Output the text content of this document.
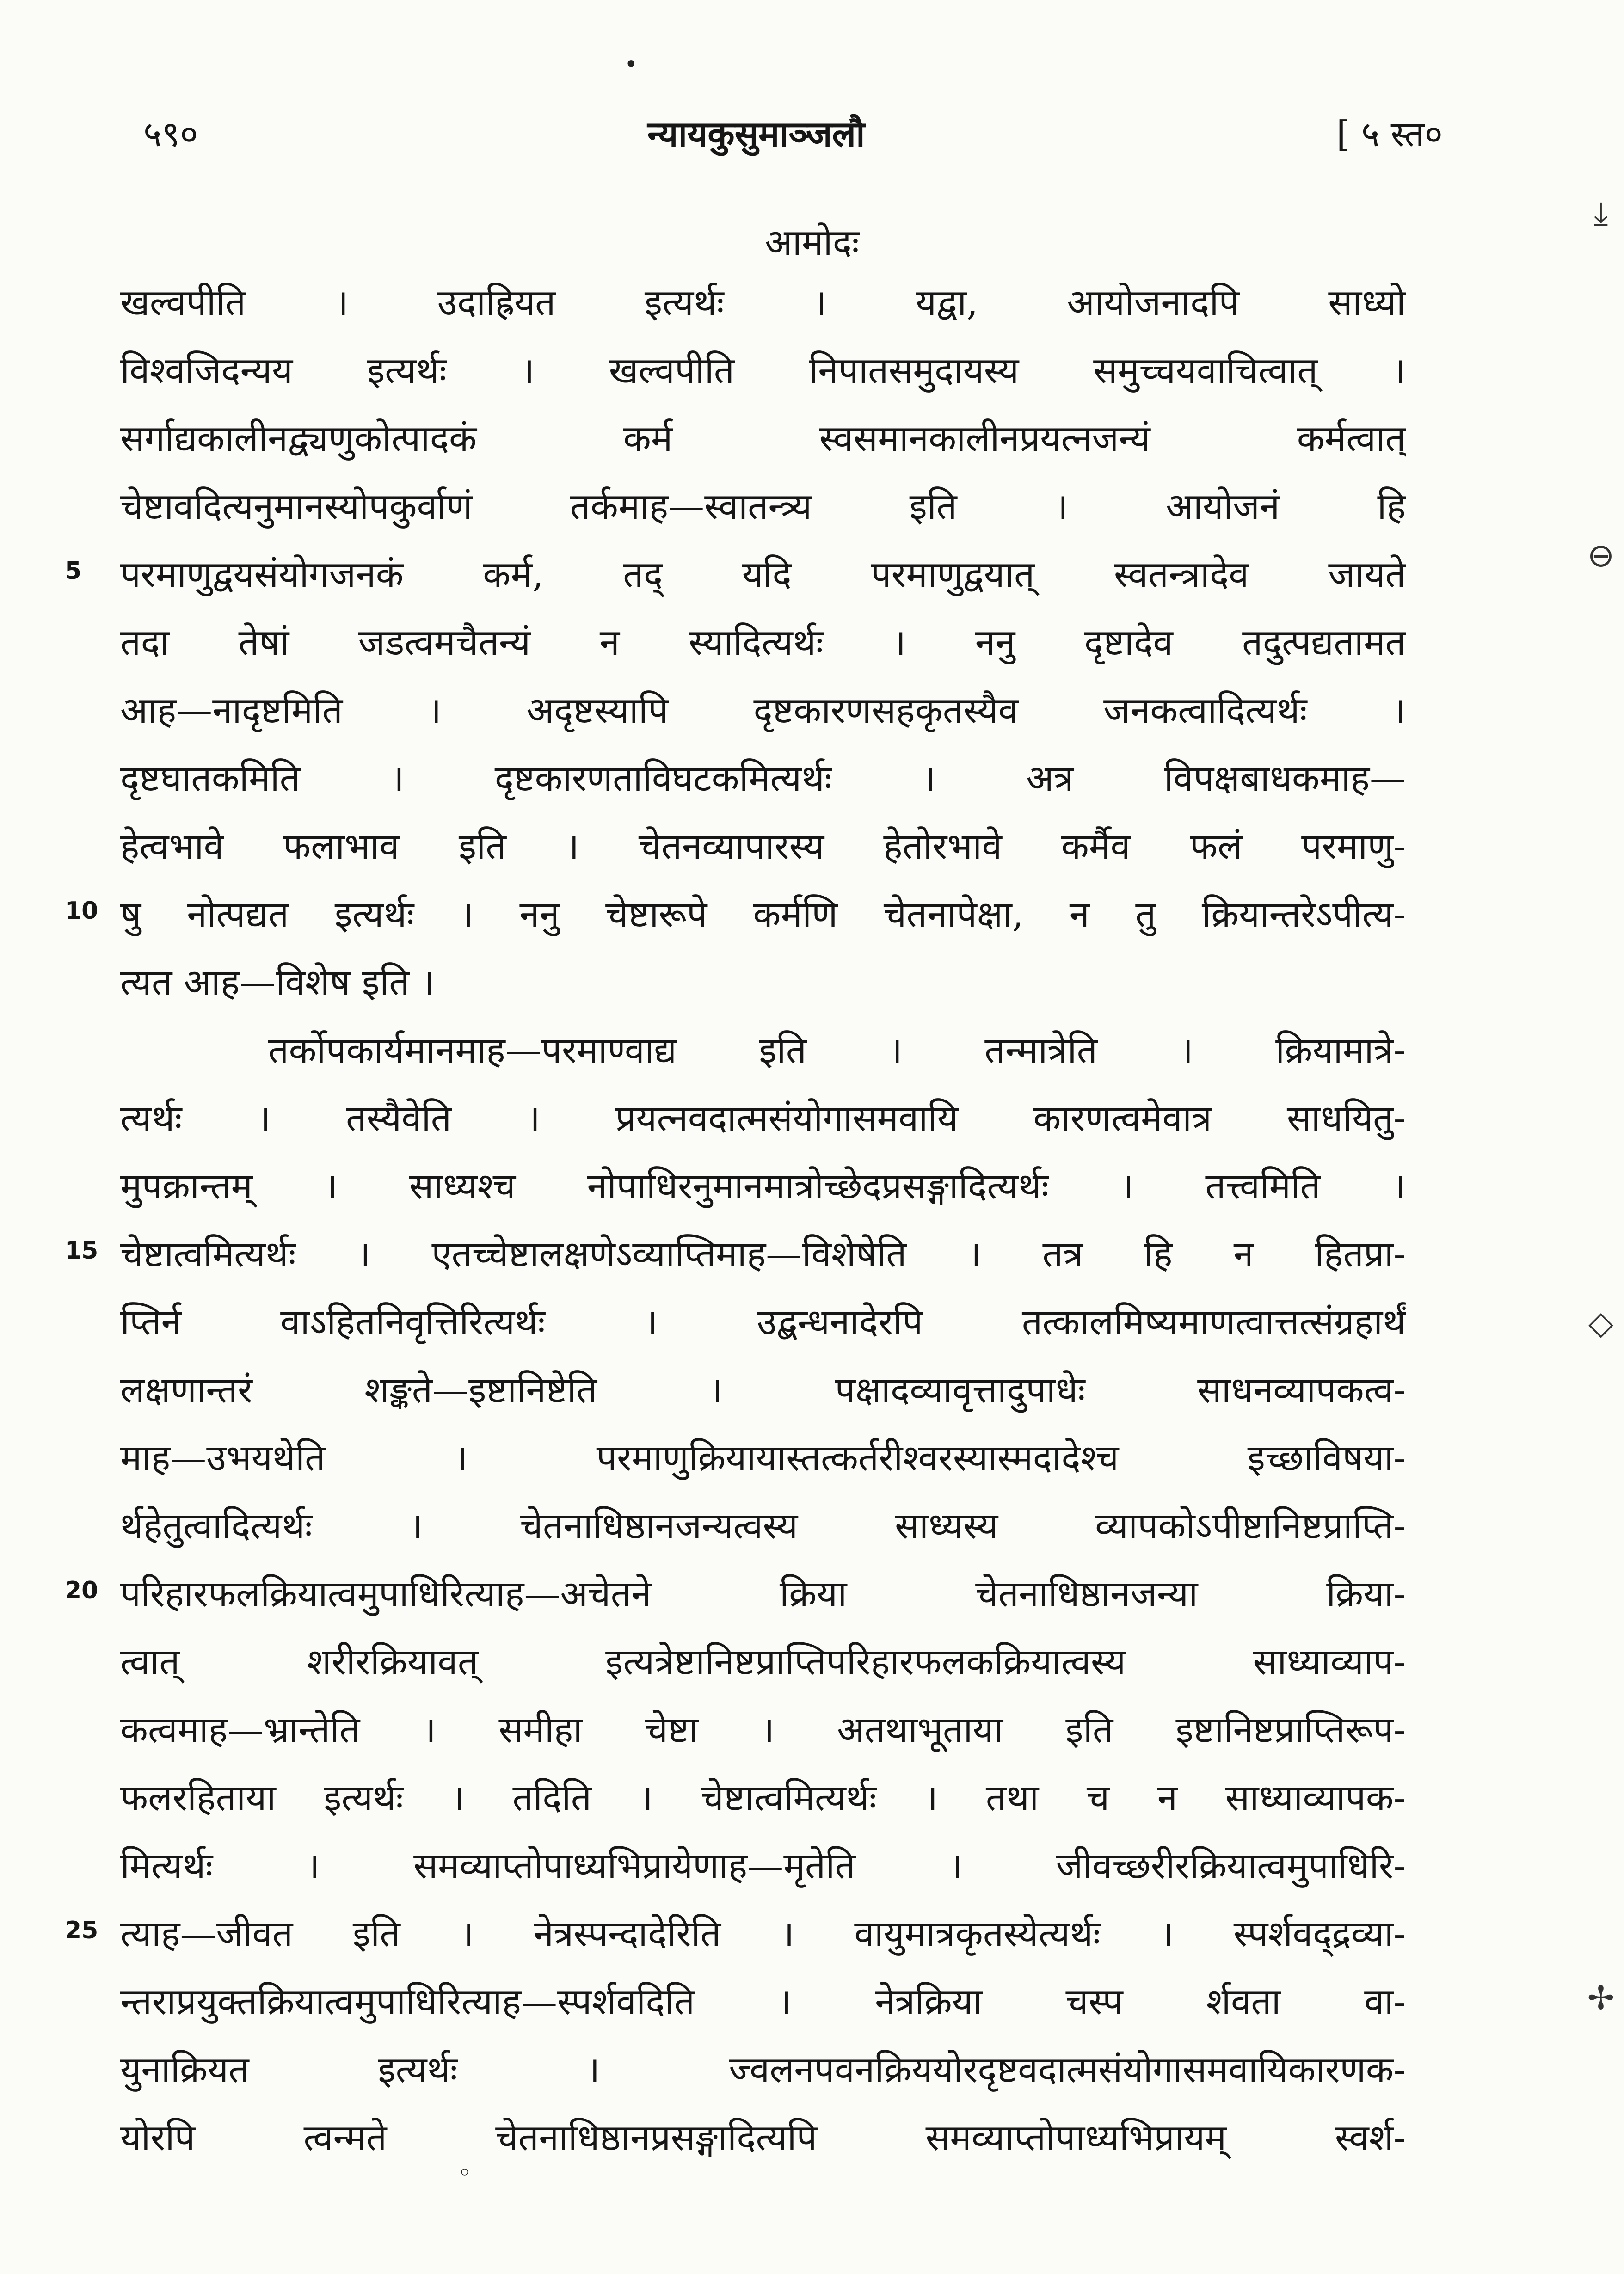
•
५९०	न्यायकुसुमाञ्जलौ	[ ५ स्त०
आमोदः
खल्वपीति । उदाह्रियत इत्यर्थः । यद्वा, आयोजनादपि साध्यो
विश्वजिदन्यय इत्यर्थः । खल्वपीति निपातसमुदायस्य समुच्चयवाचित्वात् ।
सर्गाद्यकालीनद्व्यणुकोत्पादकं कर्म स्वसमानकालीनप्रयत्नजन्यं कर्मत्वात्
चेष्टावदित्यनुमानस्योपकुर्वाणं तर्कमाह—स्वातन्त्र्य इति । आयोजनं हि
परमाणुद्वयसंयोगजनकं कर्म, तद् यदि परमाणुद्वयात् स्वतन्त्रादेव जायते
तदा तेषां जडत्वमचैतन्यं न स्यादित्यर्थः । ननु दृष्टादेव तदुत्पद्यतामत
आह—नादृष्टमिति । अदृष्टस्यापि दृष्टकारणसहकृतस्यैव जनकत्वादित्यर्थः ।
दृष्टघातकमिति । दृष्टकारणताविघटकमित्यर्थः । अत्र विपक्षबाधकमाह—
हेत्वभावे फलाभाव इति । चेतनव्यापारस्य हेतोरभावे कर्मैव फलं परमाणु-
षु नोत्पद्यत इत्यर्थः । ननु चेष्टारूपे कर्मणि चेतनापेक्षा, न तु क्रियान्तरेऽपीत्य-
त्यत आह—विशेष इति ।
तर्कोपकार्यमानमाह—परमाण्वाद्य इति । तन्मात्रेति । क्रियामात्रे-
त्यर्थः । तस्यैवेति । प्रयत्नवदात्मसंयोगासमवायि कारणत्वमेवात्र साधयितु-
मुपक्रान्तम् । साध्यश्च नोपाधिरनुमानमात्रोच्छेदप्रसङ्गादित्यर्थः । तत्त्वमिति ।
चेष्टात्वमित्यर्थः । एतच्चेष्टालक्षणेऽव्याप्तिमाह—विशेषेति । तत्र हि न हितप्रा-
प्तिर्न वाऽहितनिवृत्तिरित्यर्थः । उद्बन्धनादेरपि तत्कालमिष्यमाणत्वात्तत्संग्रहार्थं
लक्षणान्तरं शङ्कते—इष्टानिष्टेति । पक्षादव्यावृत्तादुपाधेः साधनव्यापकत्व-
माह—उभयथेति । परमाणुक्रियायास्तत्कर्तरीश्वरस्यास्मदादेश्च इच्छाविषया-
र्थहेतुत्वादित्यर्थः । चेतनाधिष्ठानजन्यत्वस्य साध्यस्य व्यापकोऽपीष्टानिष्टप्राप्ति-
परिहारफलक्रियात्वमुपाधिरित्याह—अचेतने क्रिया चेतनाधिष्ठानजन्या क्रिया-
त्वात् शरीरक्रियावत् इत्यत्रेष्टानिष्टप्राप्तिपरिहारफलकक्रियात्वस्य साध्याव्याप-
कत्वमाह—भ्रान्तेति । समीहा चेष्टा । अतथाभूताया इति इष्टानिष्टप्राप्तिरूप-
फलरहिताया इत्यर्थः । तदिति । चेष्टात्वमित्यर्थः । तथा च न साध्याव्यापक-
मित्यर्थः । समव्याप्तोपाध्यभिप्रायेणाह—मृतेति । जीवच्छरीरक्रियात्वमुपाधिरि-
त्याह—जीवत इति । नेत्रस्पन्दादेरिति । वायुमात्रकृतस्येत्यर्थः । स्पर्शवद्द्रव्या-
न्तराप्रयुक्तक्रियात्वमुपाधिरित्याह—स्पर्शवदिति । नेत्रक्रिया चस्प र्शवता वा-
युनाक्रियत इत्यर्थः । ज्वलनपवनक्रिययोरदृष्टवदात्मसंयोगासमवायिकारणक-
योरपि त्वन्मते चेतनाधिष्ठानप्रसङ्गादित्यपि समव्याप्तोपाध्यभिप्रायम् स्वर्श-
5
10
15
20
25
⤓
⊖
◇
✢
◦
